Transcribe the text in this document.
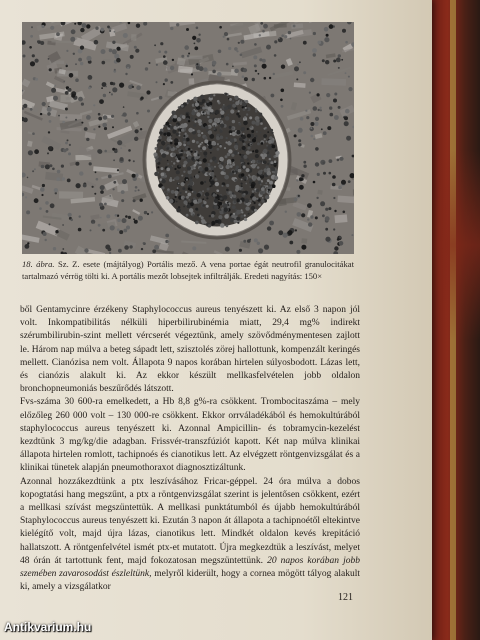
18. ábra. Sz. Z. esete (májtályog) Portális mező. A vena portae égát neutrofil granulocitákat tartalmazó vérrög tölti ki. A portális mezőt lobsejtek infiltrálják. Eredeti nagyítás: 150×

ből Gentamycinre érzékeny Staphylococcus aureus tenyészett ki. Az első 3 napon jól volt. Inkompatibilitás nélküli hiperbilirubinémia miatt, 29,4 mg% indirekt szérumbilirubin-szint mellett vércserét végeztünk, amely szövődménymentesen zajlott le. Három nap múlva a beteg sápadt lett, szisztolés zörej hallottunk, kompenzált keringés mellett. Cianózisa nem volt. Állapota 9 napos korában hirtelen súlyosbodott. Lázas lett, és cianózis alakult ki. Az ekkor készült mellkasfelvételen jobb oldalon bronchopneumoniás beszűrődés látszott.

Fvs-száma 30 600-ra emelkedett, a Hb 8,8 g%-ra csökkent. Trombocitaszáma – mely előzőleg 260 000 volt – 130 000-re csökkent. Ekkor orrváladékából és hemokultúrából staphylococcus aureus tenyészett ki. Azonnal Ampicillin- és tobramycin-kezelést kezdtünk 3 mg/kg/die adagban. Frissvér-transzfúziót kapott. Két nap múlva klinikai állapota hirtelen romlott, tachipnoés és cianotikus lett. Az elvégzett röntgenvizsgálat és a klinikai tünetek alapján pneumothoraxot diagnosztizáltunk.

Azonnal hozzákezdtünk a ptx leszívásához Fricar-géppel. 24 óra múlva a dobos kopogtatási hang megszűnt, a ptx a röntgenvizsgálat szerint is jelentősen csökkent, ezért a mellkasi szívást megszüntettük. A mellkasi punktátumból és újabb hemokultúrából Staphylococcus aureus tenyészett ki. Ezután 3 napon át állapota a tachipnoétől eltekintve kielégítő volt, majd újra lázas, cianotikus lett. Mindkét oldalon kevés krepitáció hallatszott. A röntgenfelvétel ismét ptx-et mutatott. Újra megkezdtük a leszívást, melyet 48 órán át tartottunk fent, majd fokozatosan megszüntettünk. 20 napos korában jobb szemében zavarosodást észleltünk, melyről kiderült, hogy a cornea mögött tályog alakult ki, amely a vizsgálatkor

121
Antikvarium.hu
